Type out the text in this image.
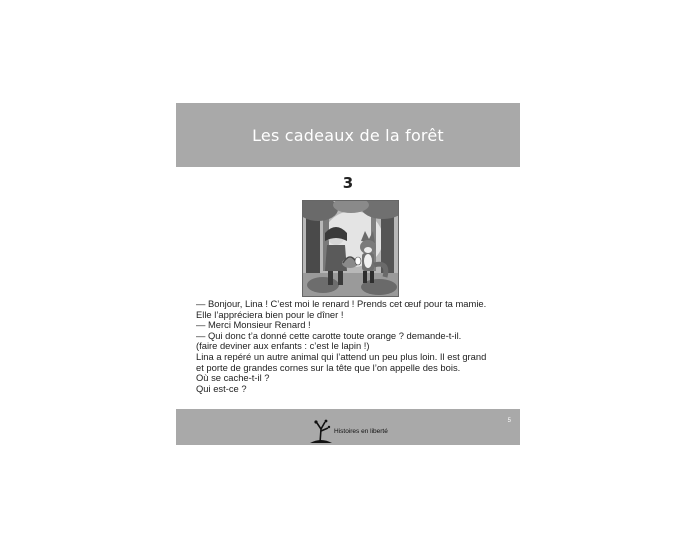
Les cadeaux de la forêt
3
— Bonjour, Lina ! C’est moi le renard ! Prends cet œuf pour ta mamie.
Elle l’appréciera bien pour le dîner !
— Merci Monsieur Renard !
— Qui donc t’a donné cette carotte toute orange ? demande-t-il.
(faire deviner aux enfants : c’est le lapin !)
Lina a repéré un autre animal qui l’attend un peu plus loin. Il est grand
et porte de grandes cornes sur la tête que l’on appelle des bois.
Où se cache-t-il ?
Qui est-ce ?
Histoires en liberté
5
